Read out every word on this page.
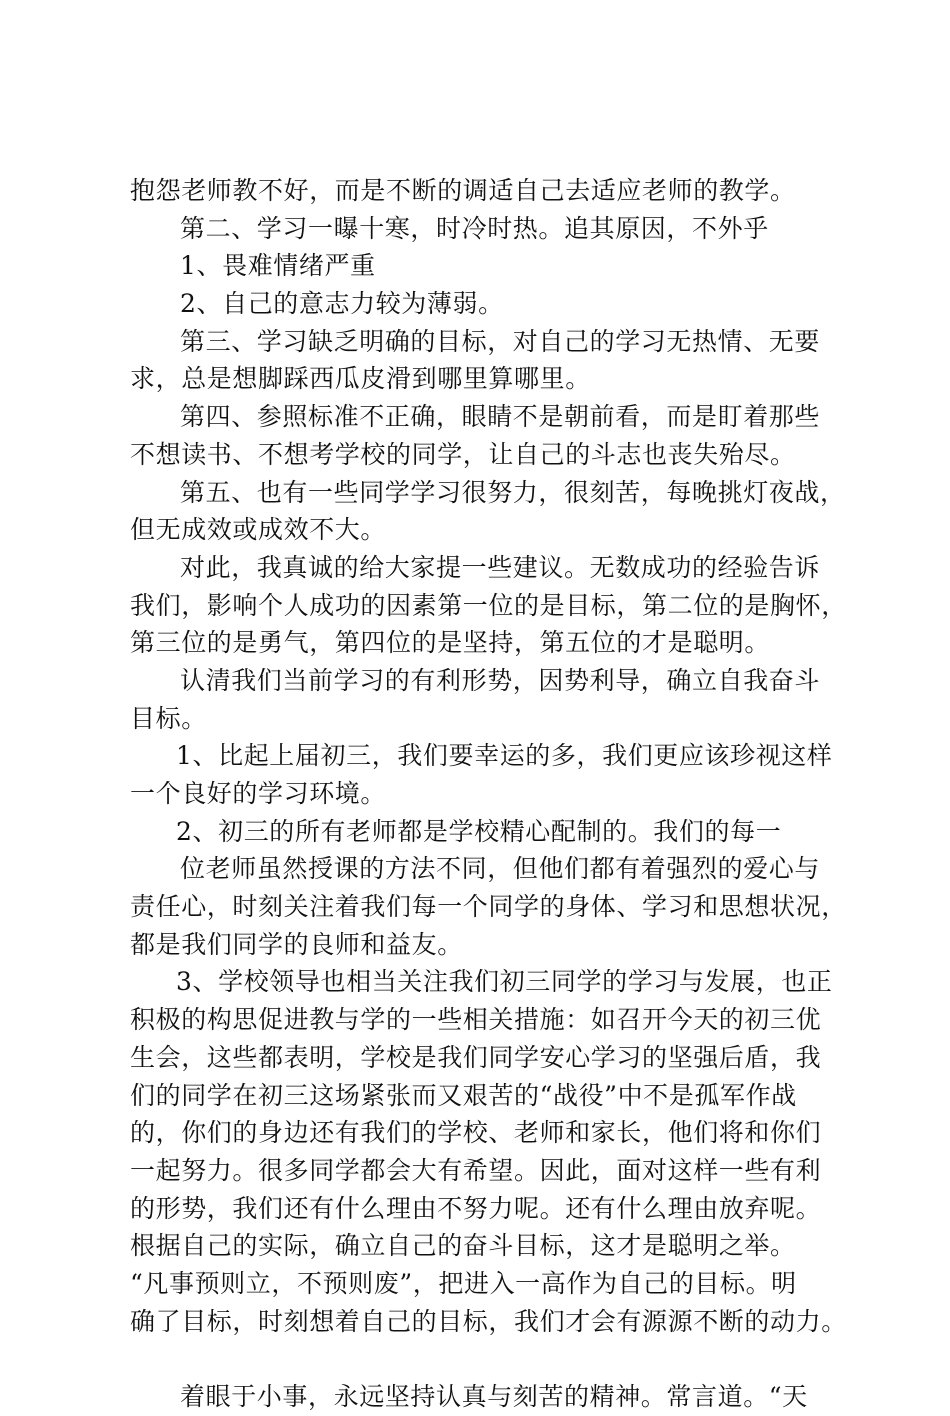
抱怨老师教不好，而是不断的调适自己去适应老师的教学。
第二、学习一曝十寒，时冷时热。追其原因，不外乎
1、畏难情绪严重
2、自己的意志力较为薄弱。
第三、学习缺乏明确的目标，对自己的学习无热情、无要
求，总是想脚踩西瓜皮滑到哪里算哪里。
第四、参照标准不正确，眼睛不是朝前看，而是盯着那些
不想读书、不想考学校的同学，让自己的斗志也丧失殆尽。
第五、也有一些同学学习很努力，很刻苦，每晚挑灯夜战，
但无成效或成效不大。
对此，我真诚的给大家提一些建议。无数成功的经验告诉
我们，影响个人成功的因素第一位的是目标，第二位的是胸怀，
第三位的是勇气，第四位的是坚持，第五位的才是聪明。
认清我们当前学习的有利形势，因势利导，确立自我奋斗
目标。
1、比起上届初三，我们要幸运的多，我们更应该珍视这样
一个良好的学习环境。
2、初三的所有老师都是学校精心配制的。我们的每一
位老师虽然授课的方法不同，但他们都有着强烈的爱心与
责任心，时刻关注着我们每一个同学的身体、学习和思想状况，
都是我们同学的良师和益友。
3、学校领导也相当关注我们初三同学的学习与发展，也正
积极的构思促进教与学的一些相关措施：如召开今天的初三优
生会，这些都表明，学校是我们同学安心学习的坚强后盾，我
们的同学在初三这场紧张而又艰苦的“战役”中不是孤军作战
的，你们的身边还有我们的学校、老师和家长，他们将和你们
一起努力。很多同学都会大有希望。因此，面对这样一些有利
的形势，我们还有什么理由不努力呢。还有什么理由放弃呢。
根据自己的实际，确立自己的奋斗目标，这才是聪明之举。
“凡事预则立，不预则废”，把进入一高作为自己的目标。明
确了目标，时刻想着自己的目标，我们才会有源源不断的动力。
着眼于小事，永远坚持认真与刻苦的精神。常言道。“天
